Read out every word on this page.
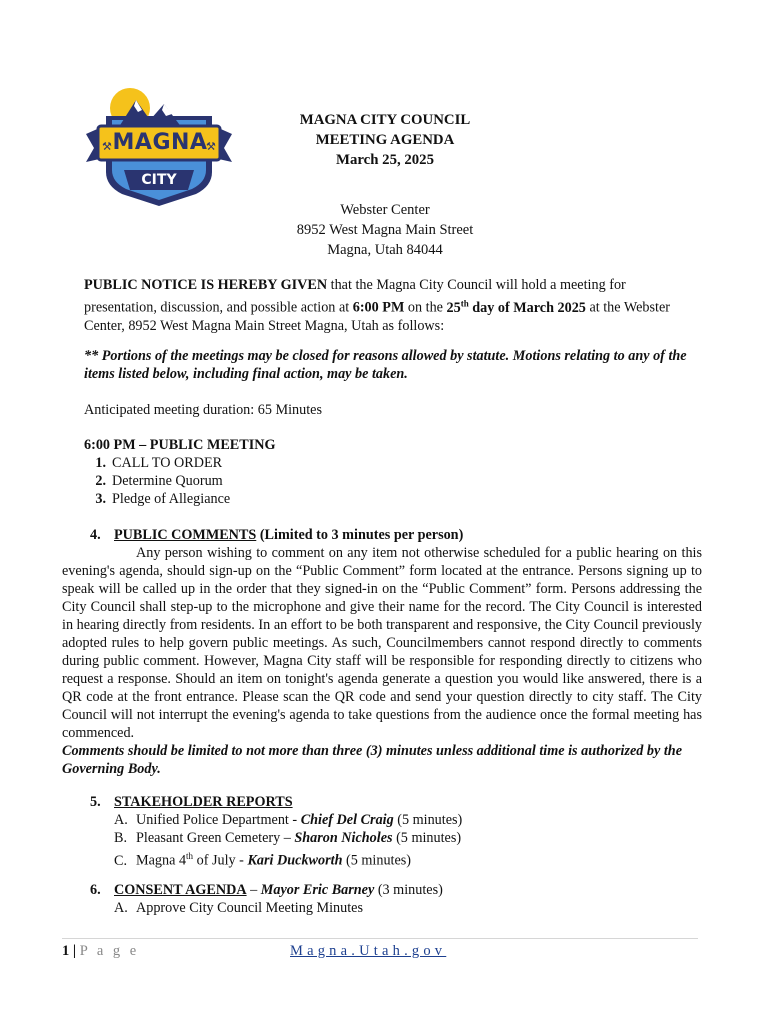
⚒	⚒
MAGNA
CITY
MAGNA CITY COUNCIL
MEETING AGENDA
March 25, 2025
Webster Center
8952 West Magna Main Street
Magna, Utah 84044
PUBLIC NOTICE IS HEREBY GIVEN that the Magna City Council will hold a meeting for presentation, discussion, and possible action at 6:00 PM on the 25th day of March 2025 at the Webster Center, 8952 West Magna Main Street Magna, Utah as follows:
** Portions of the meetings may be closed for reasons allowed by statute. Motions relating to any of the items listed below, including final action, may be taken.
Anticipated meeting duration: 65 Minutes
6:00 PM – PUBLIC MEETING
1. CALL TO ORDER
2. Determine Quorum
3. Pledge of Allegiance
4. PUBLIC COMMENTS (Limited to 3 minutes per person)
Any person wishing to comment on any item not otherwise scheduled for a public hearing on this evening's agenda, should sign-up on the “Public Comment” form located at the entrance. Persons signing up to speak will be called up in the order that they signed-in on the “Public Comment” form. Persons addressing the City Council shall step-up to the microphone and give their name for the record. The City Council is interested in hearing directly from residents. In an effort to be both transparent and responsive, the City Council previously adopted rules to help govern public meetings. As such, Councilmembers cannot respond directly to comments during public comment. However, Magna City staff will be responsible for responding directly to citizens who request a response. Should an item on tonight's agenda generate a question you would like answered, there is a QR code at the front entrance. Please scan the QR code and send your question directly to city staff. The City Council will not interrupt the evening's agenda to take questions from the audience once the formal meeting has commenced.
Comments should be limited to not more than three (3) minutes unless additional time is authorized by the Governing Body.
5. STAKEHOLDER REPORTS
A. Unified Police Department - Chief Del Craig (5 minutes)
B. Pleasant Green Cemetery – Sharon Nicholes (5 minutes)
C. Magna 4th of July - Kari Duckworth (5 minutes)
6. CONSENT AGENDA – Mayor Eric Barney (3 minutes)
A. Approve City Council Meeting Minutes
1 | P a g e	Magna.Utah.gov
